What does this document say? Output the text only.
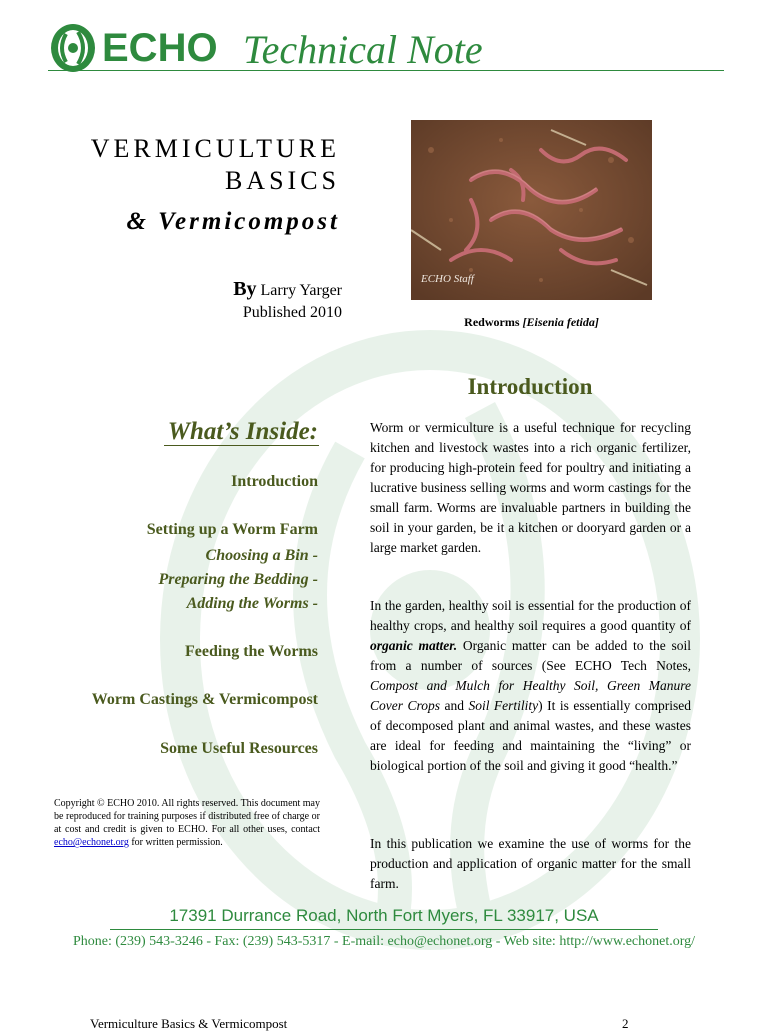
ECHO Technical Note
VERMICULTURE
BASICS
& Vermicompost
By Larry Yarger
Published 2010
ECHO Staff
Redworms [Eisenia fetida]
What’s Inside:
Introduction
Setting up a Worm Farm
Choosing a Bin -
Preparing the Bedding -
Adding the Worms -
Feeding the Worms
Worm Castings & Vermicompost
Some Useful Resources
Copyright © ECHO 2010. All rights reserved. This document may be reproduced for training purposes if distributed free of charge or at cost and credit is given to ECHO. For all other uses, contact echo@echonet.org for written permission.
Introduction
Worm or vermiculture is a useful technique for recycling kitchen and livestock wastes into a rich organic fertilizer, for producing high-protein feed for poultry and initiating a lucrative business selling worms and worm castings for the small farm. Worms are invaluable partners in building the soil in your garden, be it a kitchen or dooryard garden or a large market garden.
In the garden, healthy soil is essential for the production of healthy crops, and healthy soil requires a good quantity of organic matter. Organic matter can be added to the soil from a number of sources (See ECHO Tech Notes, Compost and Mulch for Healthy Soil, Green Manure Cover Crops and Soil Fertility) It is essentially comprised of decomposed plant and animal wastes, and these wastes are ideal for feeding and maintaining the “living” or biological portion of the soil and giving it good “health.”
In this publication we examine the use of worms for the production and application of organic matter for the small farm.
17391 Durrance Road, North Fort Myers, FL 33917, USA
Phone: (239) 543-3246 - Fax: (239) 543-5317 - E-mail: echo@echonet.org - Web site: http://www.echonet.org/
Vermiculture Basics & Vermicompost	2
